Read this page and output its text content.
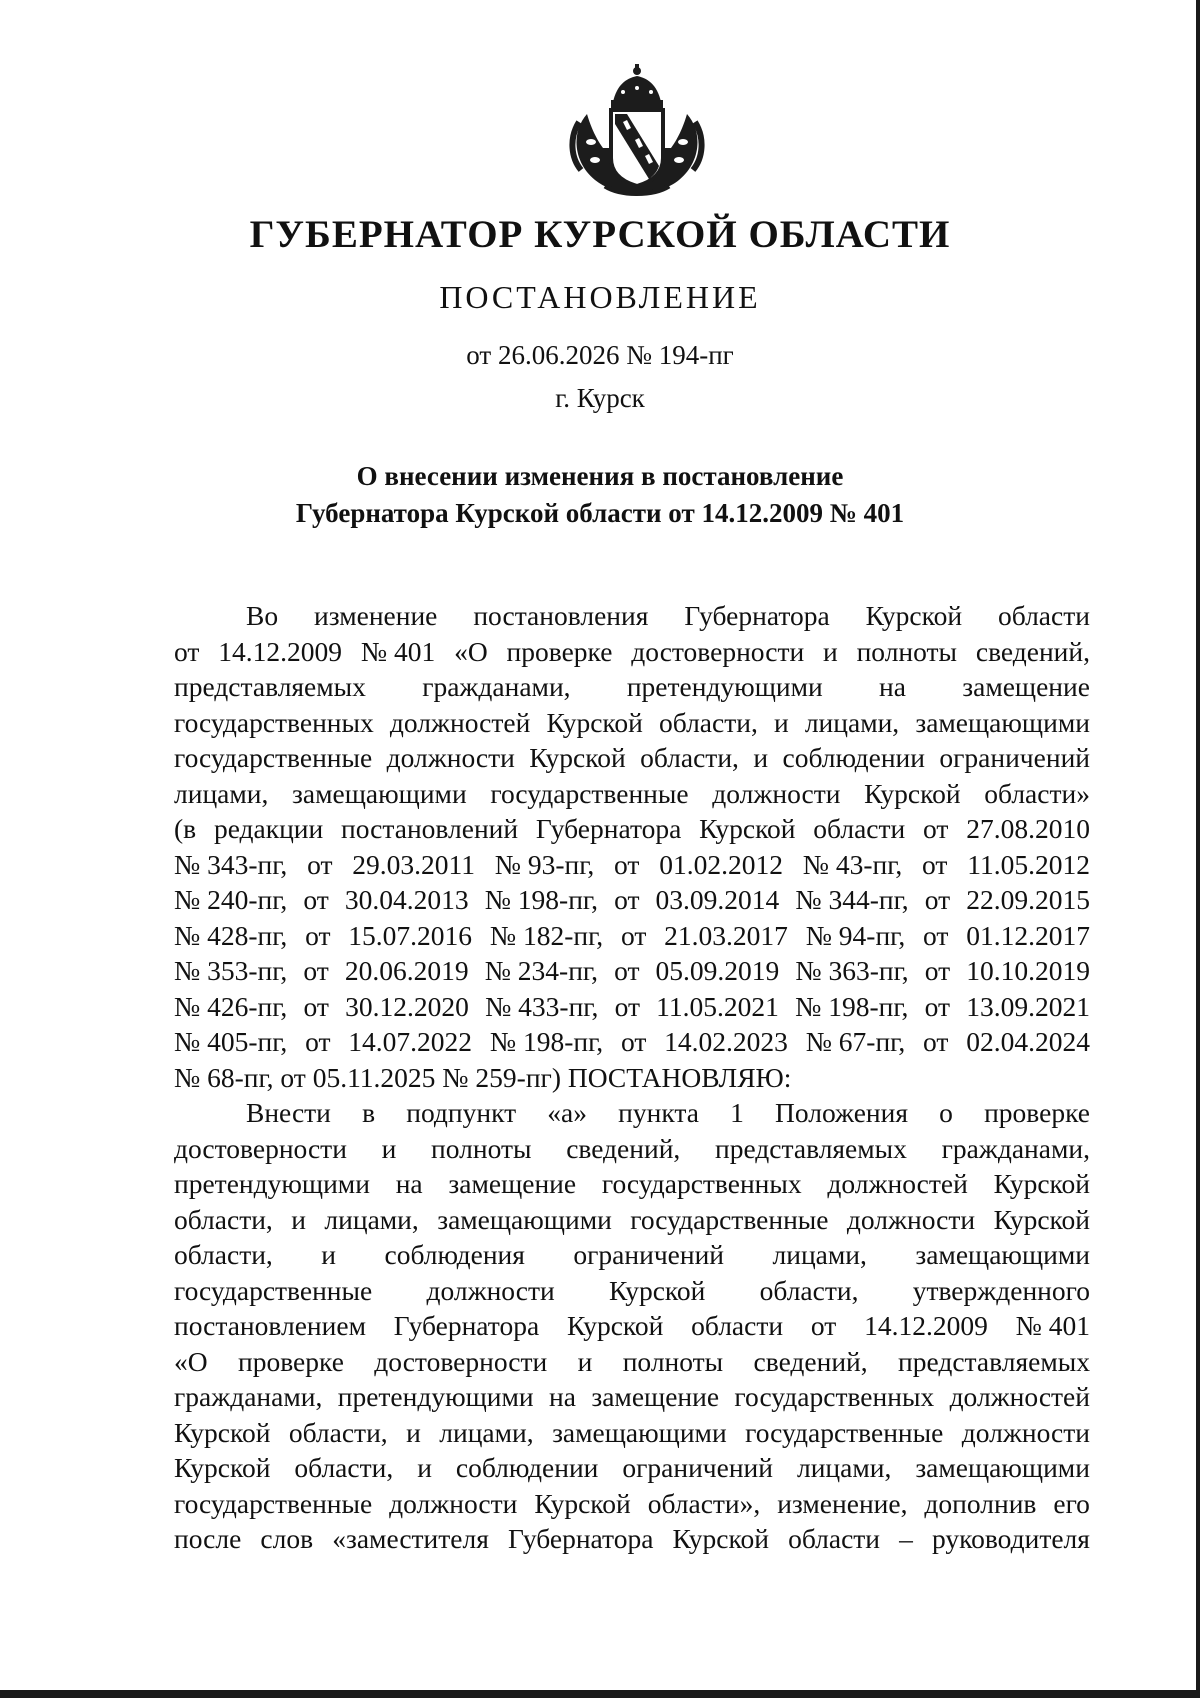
ГУБЕРНАТОР КУРСКОЙ ОБЛАСТИ
ПОСТАНОВЛЕНИЕ
от 26.06.2026 № 194-пг
г. Курск
О внесении изменения в постановление
Губернатора Курской области от 14.12.2009 № 401
Во изменение постановления Губернатора Курской области
от 14.12.2009 № 401 «О проверке достоверности и полноты сведений,
представляемых гражданами, претендующими на замещение
государственных должностей Курской области, и лицами, замещающими
государственные должности Курской области, и соблюдении ограничений
лицами, замещающими государственные должности Курской области»
(в редакции постановлений Губернатора Курской области от 27.08.2010
№ 343-пг, от 29.03.2011 № 93-пг, от 01.02.2012 № 43-пг, от 11.05.2012
№ 240-пг, от 30.04.2013 № 198-пг, от 03.09.2014 № 344-пг, от 22.09.2015
№ 428-пг, от 15.07.2016 № 182-пг, от 21.03.2017 № 94-пг, от 01.12.2017
№ 353-пг, от 20.06.2019 № 234-пг, от 05.09.2019 № 363-пг, от 10.10.2019
№ 426-пг, от 30.12.2020 № 433-пг, от 11.05.2021 № 198-пг, от 13.09.2021
№ 405-пг, от 14.07.2022 № 198-пг, от 14.02.2023 № 67-пг, от 02.04.2024
№ 68-пг, от 05.11.2025 № 259-пг) ПОСТАНОВЛЯЮ:
Внести в подпункт «а» пункта 1 Положения о проверке
достоверности и полноты сведений, представляемых гражданами,
претендующими на замещение государственных должностей Курской
области, и лицами, замещающими государственные должности Курской
области, и соблюдения ограничений лицами, замещающими
государственные должности Курской области, утвержденного
постановлением Губернатора Курской области от 14.12.2009 № 401
«О проверке достоверности и полноты сведений, представляемых
гражданами, претендующими на замещение государственных должностей
Курской области, и лицами, замещающими государственные должности
Курской области, и соблюдении ограничений лицами, замещающими
государственные должности Курской области», изменение, дополнив его
после слов «заместителя Губернатора Курской области – руководителя
